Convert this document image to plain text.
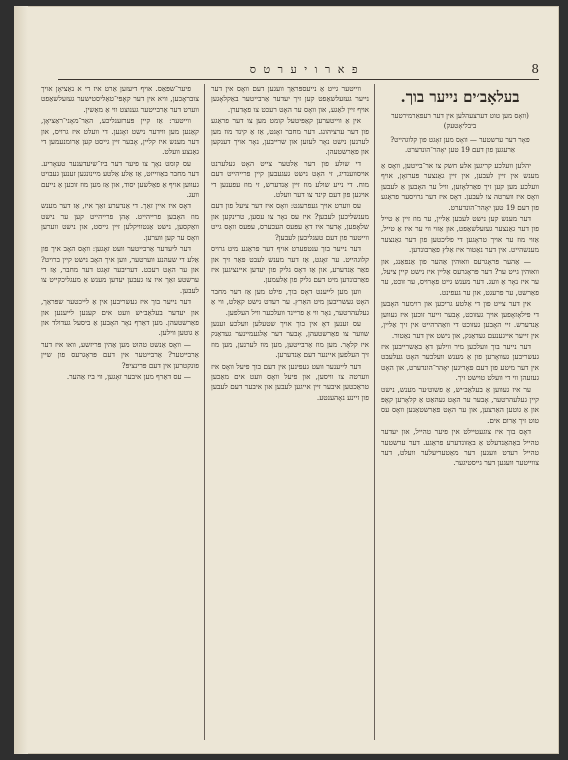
8
פ א ר ו י ע ר ט ס
בעלאָב׳ים נייער בוך.
(וואָס מען טוט דערצעהלען אין דער רעפאַרמירטער ביבליאָטעק)
פאָר דער ערשטער — וואָס מען זאָגט פון קלוגהייט? אַרעגען פון דעם 19 טען יאָהר־הונדערט.

יהלען וועלכע קריגען אלע חשק צו אר־בייטען, וואָס אַ מענש אין זיין לעבען, אין זיין גאַנצער פּערזאָן, אויף וועלכע מען קען זיך פאַרלאָזען, וויל ער האָבען אַ לעבען וואָס איז ווערטה צו לעבען. דאָס איז דער גרויסער פראַגע פון דעם 19 טען יאָהר־הונדערט.

דער מענש קען נישט לעבען אַליין, ער מוז זיין אַ טייל פון דער גאַנצער געזעלשאַפט, און אַזוי ווי ער איז אַ טייל, אַזוי מוז ער אויך טראָגען די פליכטען פון דער גאַנצער מענשהייט. אין דער נאַטור איז אַלץ פאַרבונדען.

— אַהער פּראָגרעס וואוּהין אַהער פון אַנפאַנג, און וואוּהין גייט ער? דער פּראָגרעס אַליין איז נישט קיין ציעל, ער איז נאָר אַ וועג. דער מענש גייט פאָרויס, ער זוכט, ער פאַרשט, ער פרעגט, און ער געפינט.

אין דער צייט פון די אַלטע גריכען און רוימער האָבען די פילאָזאָפען אויך געזוכט, אָבער זייער זוכען איז געווען אַנדערש. זיי האָבען געזוכט די וואַהרהייט אין זיך אַליין, אין זייער אייגענעם געדאַנק, און נישט אין דער נאַטור.

דער נייער בוך וועלכען מיר ווילען דאָ באַשרייבען איז געשריבען געוואָרען פון אַ מענש וועלכער האָט געלעבט אין דער מיטע פון דעם פאָריגען יאָהר־הונדערט, און האָט געזעהן ווי די וועלט טוישט זיך.

ער איז געווען אַ בעלאַב׳יש, אַ פשוט׳ער מענש, נישט קיין געלעהרטער, אָבער ער האָט געהאַט אַ קלאָרען קאָפּ און אַ גוטען האַרצען, און ער האָט פאַרשטאַנען וואָס עס טוט זיך אַרום אים.

דאָס בוך איז צוגעטיילט אין פיער טהייל, און יעדער טהייל באַהאַנדעלט אַ באַזונדערע פראַגע. דער ערשטער טהייל רעדט וועגען דער מאַטעריעלער וועלט, דער צווייטער וועגען דער גייסטיגער.

ווייטער גייט אַ נייעספּראַך וועגען דעם וואָס אין דער נייער געזעלשאַפט קען זיך יעדער אַרבייטער באַקלאָגען אויף זיין לאַגע, און וואָס ער האָט רעכט צו פאָדערן.

אין אַ ווייטערען קאַפּיטעל קומט מען צו דער פראַגע פון דער ערציהונג. דער מחבר זאָגט, אַז אַ קינד מוז מען לערנען נישט נאָר לעזען און שרייבען, נאָר אויך דענקען און פאַרשטעהן.

די שולע פון דער אַלטער צייט האָט געלערנט אויסווענדיג, זי האָט נישט געגעבען קיין פרייהייט דעם מוח. די נייע שולע מוז זיין אַנדערש, זי מוז עפענען די אויגען פון דעם קינד צו דער וועלט.

עס ווערט אויך געפרעגט: וואָס איז דער ציעל פון דעם מענשליכען לעבען? איז עס נאָר צו עסען, טרינקען און שלאָפען, אָדער איז דאָ עפּעס העכערס, עפּעס וואָס גייט ווייטער פון דעם טעגליכען לעבען?

דער נייער בוך ענטפערט אויף דער פראַגע מיט גרויס קלוגהייט. ער זאָגט, אַז דער מענש לעבט פאַר זיך און פאַר אַנדערע, און אַז דאָס גליק פון יעדען איינציגען איז פאַרבונדען מיט דעם גליק פון אַלעמען.

ווען מען לייענט דאָס בוך, פילט מען אַז דער מחבר האָט געשריבען מיט האַרץ. ער רעדט נישט קאַלט, ווי אַ געלעהרטער, נאָר ווי אַ פריינד וועלכער וויל העלפען.

עס זענען דאָ אין בוך אויך שטעלען וועלכע זענען שווער צו פאַרשטעהן, אָבער דער אַלגעמיינער געדאַנק איז קלאָר. מען מוז אַרבייטען, מען מוז לערנען, מען מוז זיך העלפען איינער דעם אַנדערען.

דער לייענער וועט געפינען אין דעם בוך פיעל וואָס איז ווערטה צו וויסען, און פיעל וואָס וועט אים מאַכען טראַכטען איבער זיין אייגען לעבען און איבער דעם לעבען פון זיינע נאָהענטע.

פיער־שפּאַס. אויף דיעזען אַרט איז די א נאַציאָן אויך צובראָכען, וויא אין דער קאָפּי־טאַליסטישער געזעלשאַפט ווערט דער אַרבייטער גענוצט ווי אַ מאַשין.

ווייטער: אַז קיין פּערזענליכע, האַר־מאָני־ראַציאָן, קאַנען מען ווידער נישט זאָגען. די וועלט איז גרויס, און דער מענש איז קליין, אָבער זיין גייסט קען אַרומנעמען די גאַנצע וועלט.

עס קומט נאָך צו פיער דער ביז־שיעדענער טעאָריע. דער מחבר באַווייזט, אַז אַלע אַלטע מיינונגען זענען געבויט געווען אויף אַ פאַלשען יסוד, און אַז מען מוז זוכען אַ נייעם וועג.

דאָס איז איין זאַך. די אַנדערע זאַך איז, אַז דער מענש מוז האָבען פרייהייט. אָהן פרייהייט קען ער נישט וואַקסען, נישט אַנטוויקלען זיין גייסט, און נישט ווערען וואָס ער קען ווערען.

דער ליעדער אַרבייטער וועט זאָגען: וואָס האָב איך פון אַלע די שעהנע ווערטער, ווען איך האָב נישט קיין ברויט? און ער האָט רעכט. דעריבער זאָגט דער מחבר, אַז די ערשטע זאַך איז צו געבען יעדען מענש אַ מעגליכקייט צו לעבען.

דער נייער בוך איז געשריבען אין אַ לייכטער שפּראַך, און יעדער בעלאַב׳יש וועט אים קענען לייענען און פאַרשטעהן. מען דאַרף נאָר האָבען אַ ביסעל געדולד און אַ גוטען ווילען.

— וואָס אַנשט טהוט מען אַהין פּריזשע, וואו איז דער אַרבייטער? אַרבייטער אין דעם פּראָגרעס פון שיין פונקטרען אין דעם פּרינציפּ?

— עס דאַרף מען איבער זאָגען, ווי ביז אַהער.
